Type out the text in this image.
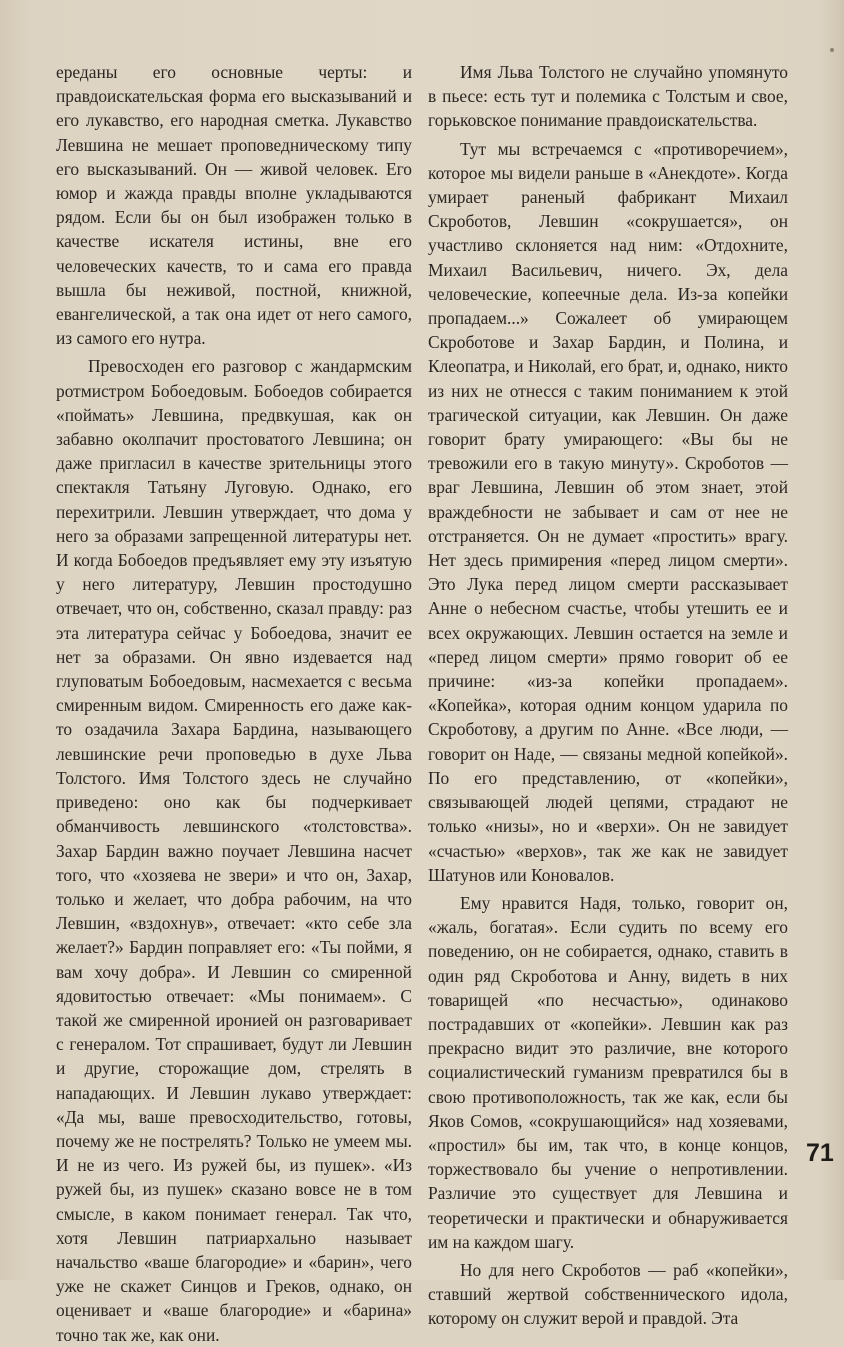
ереданы его основные черты: и правдоискательская форма его высказываний и его лукавство, его народная сметка. Лукавство Левшина не мешает проповедническому типу его высказываний. Он — живой человек. Его юмор и жажда правды вполне укладываются рядом. Если бы он был изображен только в качестве искателя истины, вне его человеческих качеств, то и сама его правда вышла бы неживой, постной, книжной, евангелической, а так она идет от него самого, из самого его нутра.

Превосходен его разговор с жандармским ротмистром Бобоедовым. Бобоедов собирается «поймать» Левшина, предвкушая, как он забавно околпачит простоватого Левшина; он даже пригласил в качестве зрительницы этого спектакля Татьяну Луговую. Однако, его перехитрили. Левшин утверждает, что дома у него за образами запрещенной литературы нет. И когда Бобоедов предъявляет ему эту изъятую у него литературу, Левшин простодушно отвечает, что он, собственно, сказал правду: раз эта литература сейчас у Бобоедова, значит ее нет за образами. Он явно издевается над глуповатым Бобоедовым, насмехается с весьма смиренным видом. Смиренность его даже как-то озадачила Захара Бардина, называющего левшинские речи проповедью в духе Льва Толстого. Имя Толстого здесь не случайно приведено: оно как бы подчеркивает обманчивость левшинского «толстовства». Захар Бардин важно поучает Левшина насчет того, что «хозяева не звери» и что он, Захар, только и желает, что добра рабочим, на что Левшин, «вздохнув», отвечает: «кто себе зла желает?» Бардин поправляет его: «Ты пойми, я вам хочу добра». И Левшин со смиренной ядовитостью отвечает: «Мы понимаем». С такой же смиренной иронией он разговаривает с генералом. Тот спрашивает, будут ли Левшин и другие, сторожащие дом, стрелять в нападающих. И Левшин лукаво утверждает: «Да мы, ваше превосходительство, готовы, почему же не пострелять? Только не умеем мы. И не из чего. Из ружей бы, из пушек». «Из ружей бы, из пушек» сказано вовсе не в том смысле, в каком понимает генерал. Так что, хотя Левшин патриархально называет начальство «ваше благородие» и «барин», чего уже не скажет Синцов и Греков, однако, он оценивает и «ваше благородие» и «барина» точно так же, как они.

Имя Льва Толстого не случайно упомянуто в пьесе: есть тут и полемика с Толстым и свое, горьковское понимание правдоискательства.

Тут мы встречаемся с «противоречием», которое мы видели раньше в «Анекдоте». Когда умирает раненый фабрикант Михаил Скроботов, Левшин «сокрушается», он участливо склоняется над ним: «Отдохните, Михаил Васильевич, ничего. Эх, дела человеческие, копеечные дела. Из-за копейки пропадаем...» Сожалеет об умирающем Скроботове и Захар Бардин, и Полина, и Клеопатра, и Николай, его брат, и, однако, никто из них не отнесся с таким пониманием к этой трагической ситуации, как Левшин. Он даже говорит брату умирающего: «Вы бы не тревожили его в такую минуту». Скроботов — враг Левшина, Левшин об этом знает, этой враждебности не забывает и сам от нее не отстраняется. Он не думает «простить» врагу. Нет здесь примирения «перед лицом смерти». Это Лука перед лицом смерти рассказывает Анне о небесном счастье, чтобы утешить ее и всех окружающих. Левшин остается на земле и «перед лицом смерти» прямо говорит об ее причине: «из-за копейки пропадаем». «Копейка», которая одним концом ударила по Скроботову, а другим по Анне. «Все люди, — говорит он Наде, — связаны медной копейкой». По его представлению, от «копейки», связывающей людей цепями, страдают не только «низы», но и «верхи». Он не завидует «счастью» «верхов», так же как не завидует Шатунов или Коновалов.

Ему нравится Надя, только, говорит он, «жаль, богатая». Если судить по всему его поведению, он не собирается, однако, ставить в один ряд Скроботова и Анну, видеть в них товарищей «по несчастью», одинаково пострадавших от «копейки». Левшин как раз прекрасно видит это различие, вне которого социалистический гуманизм превратился бы в свою противоположность, так же как, если бы Яков Сомов, «сокрушающийся» над хозяевами, «простил» бы им, так что, в конце концов, торжествовало бы учение о непротивлении. Различие это существует для Левшина и теоретически и практически и обнаруживается им на каждом шагу.

Но для него Скроботов — раб «копейки», ставший жертвой собственнического идола, которому он служит верой и правдой. Эта

71
